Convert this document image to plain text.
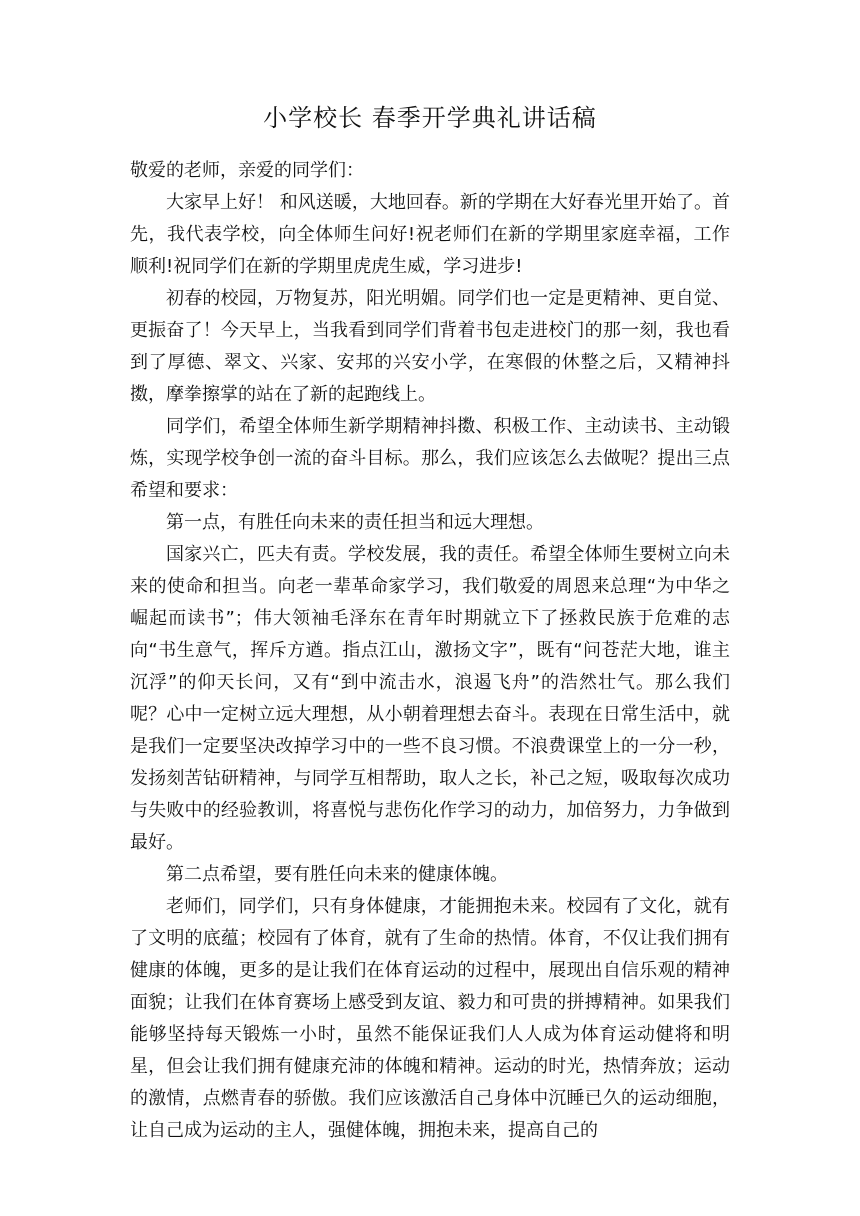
小学校长 春季开学典礼讲话稿

敬爱的老师，亲爱的同学们：

大家早上好！ 和风送暖，大地回春。新的学期在大好春光里开始了。首先，我代表学校，向全体师生问好!祝老师们在新的学期里家庭幸福，工作顺利!祝同学们在新的学期里虎虎生威，学习进步!

初春的校园，万物复苏，阳光明媚。同学们也一定是更精神、更自觉、更振奋了！今天早上，当我看到同学们背着书包走进校门的那一刻，我也看到了厚德、翠文、兴家、安邦的兴安小学，在寒假的休整之后，又精神抖擞，摩拳擦掌的站在了新的起跑线上。

同学们，希望全体师生新学期精神抖擞、积极工作、主动读书、主动锻炼，实现学校争创一流的奋斗目标。那么，我们应该怎么去做呢？提出三点希望和要求：

第一点，有胜任向未来的责任担当和远大理想。

国家兴亡，匹夫有责。学校发展，我的责任。希望全体师生要树立向未来的使命和担当。向老一辈革命家学习，我们敬爱的周恩来总理“为中华之崛起而读书”；伟大领袖毛泽东在青年时期就立下了拯救民族于危难的志向“书生意气，挥斥方遒。指点江山，激扬文字”，既有“问苍茫大地，谁主沉浮”的仰天长问，又有“到中流击水，浪遏飞舟”的浩然壮气。那么我们呢？心中一定树立远大理想，从小朝着理想去奋斗。表现在日常生活中，就是我们一定要坚决改掉学习中的一些不良习惯。不浪费课堂上的一分一秒，发扬刻苦钻研精神，与同学互相帮助，取人之长，补己之短，吸取每次成功与失败中的经验教训，将喜悦与悲伤化作学习的动力，加倍努力，力争做到最好。

第二点希望，要有胜任向未来的健康体魄。

老师们，同学们，只有身体健康，才能拥抱未来。校园有了文化，就有了文明的底蕴；校园有了体育，就有了生命的热情。体育，不仅让我们拥有健康的体魄，更多的是让我们在体育运动的过程中，展现出自信乐观的精神面貌；让我们在体育赛场上感受到友谊、毅力和可贵的拼搏精神。如果我们能够坚持每天锻炼一小时，虽然不能保证我们人人成为体育运动健将和明星，但会让我们拥有健康充沛的体魄和精神。运动的时光，热情奔放；运动的激情，点燃青春的骄傲。我们应该激活自己身体中沉睡已久的运动细胞，让自己成为运动的主人，强健体魄，拥抱未来，提高自己的
